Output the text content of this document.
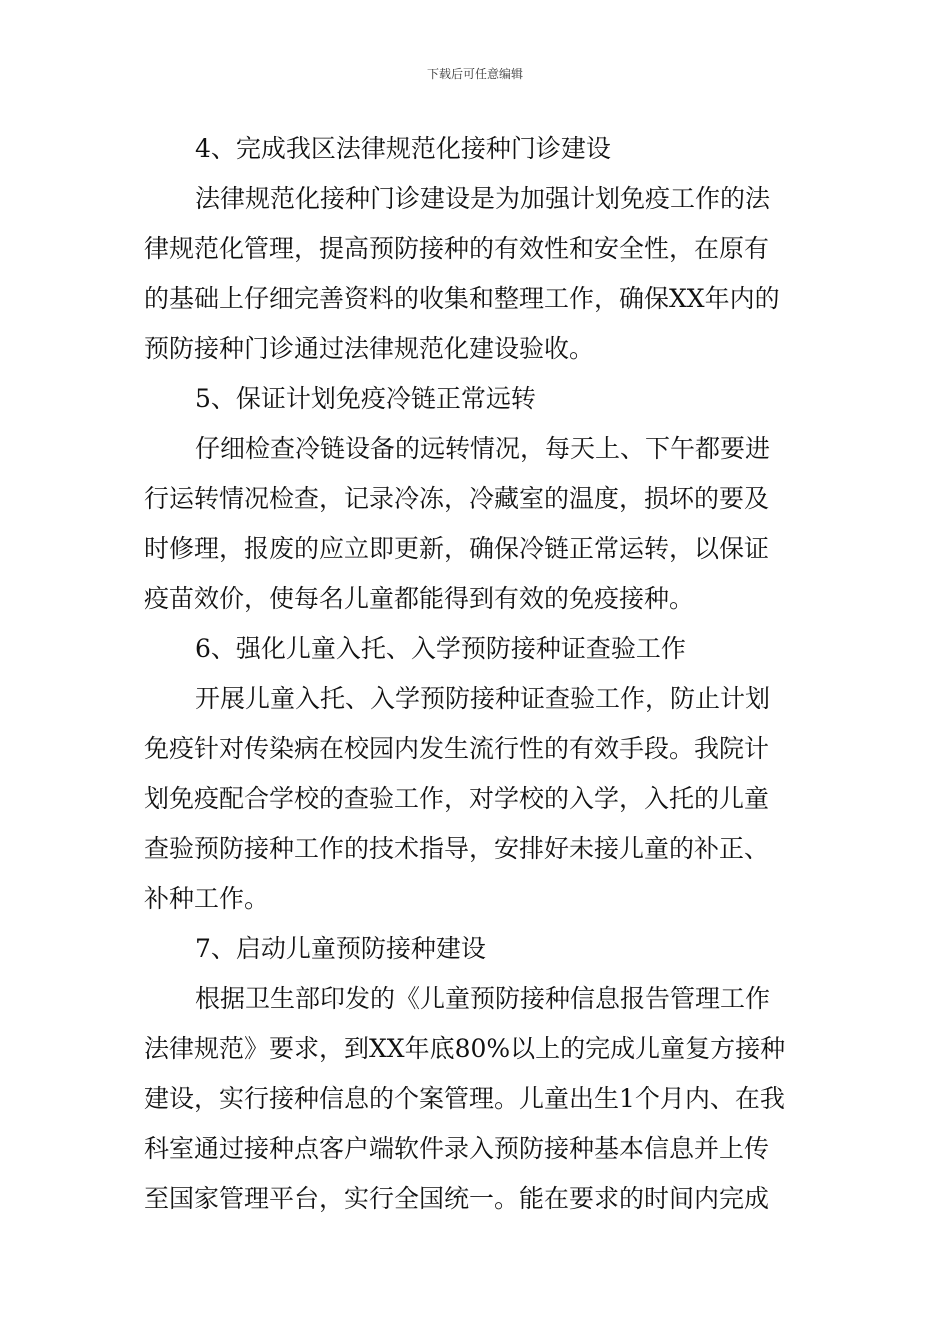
下载后可任意编辑
4、完成我区法律规范化接种门诊建设
法律规范化接种门诊建设是为加强计划免疫工作的法
律规范化管理，提高预防接种的有效性和安全性，在原有
的基础上仔细完善资料的收集和整理工作，确保XX年内的
预防接种门诊通过法律规范化建设验收。
5、保证计划免疫冷链正常远转
仔细检查冷链设备的远转情况，每天上、下午都要进
行运转情况检查，记录冷冻，冷藏室的温度，损坏的要及
时修理，报废的应立即更新，确保冷链正常运转，以保证
疫苗效价，使每名儿童都能得到有效的免疫接种。
6、强化儿童入托、入学预防接种证查验工作
开展儿童入托、入学预防接种证查验工作，防止计划
免疫针对传染病在校园内发生流行性的有效手段。我院计
划免疫配合学校的查验工作，对学校的入学，入托的儿童
查验预防接种工作的技术指导，安排好未接儿童的补正、
补种工作。
7、启动儿童预防接种建设
根据卫生部印发的《儿童预防接种信息报告管理工作
法律规范》要求，到XX年底80%以上的完成儿童复方接种
建设，实行接种信息的个案管理。儿童出生1个月内、在我
科室通过接种点客户端软件录入预防接种基本信息并上传
至国家管理平台，实行全国统一。能在要求的时间内完成
